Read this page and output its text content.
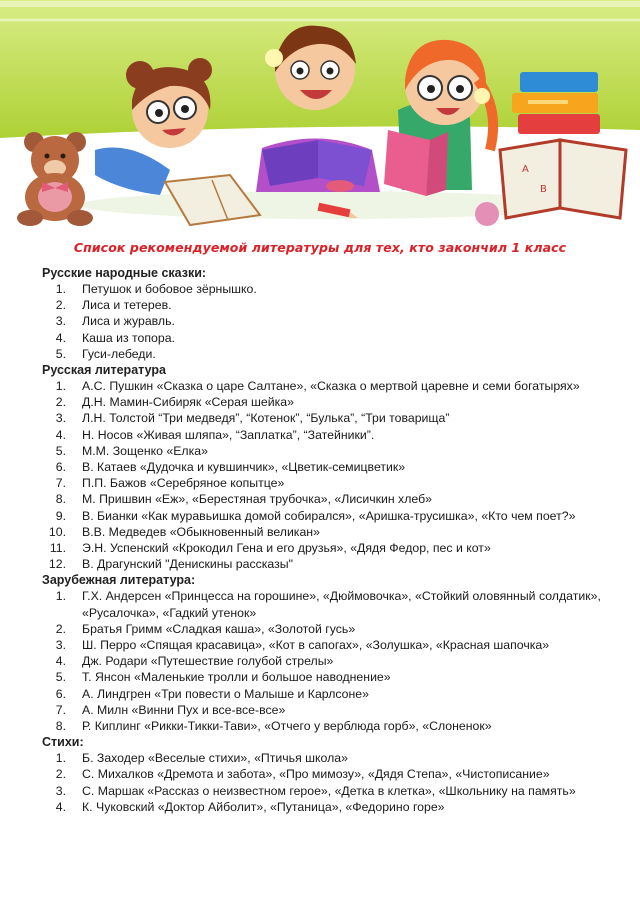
A
B
Список рекомендуемой литературы для тех, кто закончил 1 класс
Русские народные сказки:
1.	Петушок и бобовое зёрнышко.
2.	Лиса и тетерев.
3.	Лиса и журавль.
4.	Каша из топора.
5.	Гуси-лебеди.
Русская литература
1.	А.С. Пушкин «Сказка о царе Салтане», «Сказка о мертвой царевне и семи богатырях»
2.	Д.Н. Мамин-Сибиряк «Серая шейка»
3.	Л.Н. Толстой “Три медведя”, “Котенок”, “Булька”, “Три товарища”
4.	Н. Носов «Живая шляпа», “Заплатка”, “Затейники”.
5.	М.М. Зощенко «Елка»
6.	В. Катаев «Дудочка и кувшинчик», «Цветик-семицветик»
7.	П.П. Бажов «Серебряное копытце»
8.	М. Пришвин «Еж», «Берестяная трубочка», «Лисичкин хлеб»
9.	В. Бианки «Как муравьишка домой собирался», «Аришка-трусишка», «Кто чем поет?»
10.	В.В. Медведев «Обыкновенный великан»
11.	Э.Н. Успенский «Крокодил Гена и его друзья», «Дядя Федор, пес и кот»
12.	В. Драгунский "Денискины рассказы"
Зарубежная литература:
1.	Г.Х. Андерсен «Принцесса на горошине», «Дюймовочка», «Стойкий оловянный солдатик», «Русалочка», «Гадкий утенок»
2.	Братья Гримм «Сладкая каша», «Золотой гусь»
3.	Ш. Перро «Спящая красавица», «Кот в сапогах», «Золушка», «Красная шапочка»
4.	Дж. Родари «Путешествие голубой стрелы»
5.	Т. Янсон «Маленькие тролли и большое наводнение»
6.	А. Линдгрен «Три повести о Малыше и Карлсоне»
7.	А. Милн «Винни Пух и все-все-все»
8.	Р. Киплинг «Рикки-Тикки-Тави», «Отчего у верблюда горб», «Слоненок»
Стихи:
1.	Б. Заходер «Веселые стихи», «Птичья школа»
2.	С. Михалков «Дремота и забота», «Про мимозу», «Дядя Степа», «Чистописание»
3.	С. Маршак «Рассказ о неизвестном герое», «Детка в клетка», «Школьнику на память»
4.	К. Чуковский «Доктор Айболит», «Путаница», «Федорино горе»
